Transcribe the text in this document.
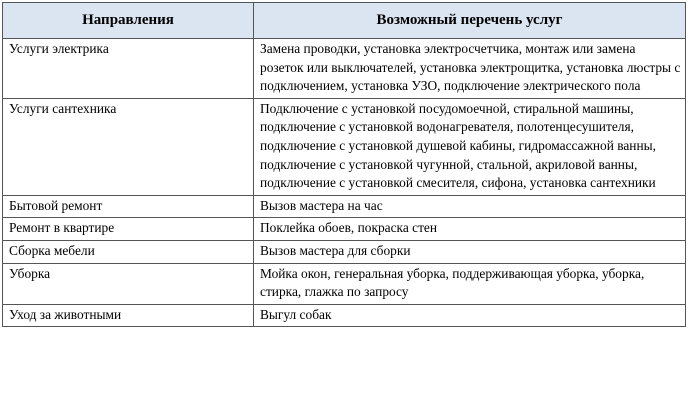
Направления	Возможный перечень услуг
Услуги электрика	Замена проводки, установка электросчетчика, монтаж или замена розеток или выключателей, установка электрощитка, установка люстры с подключением, установка УЗО, подключение электрического пола
Услуги сантехника	Подключение с установкой посудомоечной, стиральной машины, подключение с установкой водонагревателя, полотенцесушителя, подключение с установкой душевой кабины, гидромассажной ванны, подключение с установкой чугунной, стальной, акриловой ванны, подключение с установкой смесителя, сифона, установка сантехники
Бытовой ремонт	Вызов мастера на час
Ремонт в квартире	Поклейка обоев, покраска стен
Сборка мебели	Вызов мастера для сборки
Уборка	Мойка окон, генеральная уборка, поддерживающая уборка, уборка, стирка, глажка по запросу
Уход за животными	Выгул собак
